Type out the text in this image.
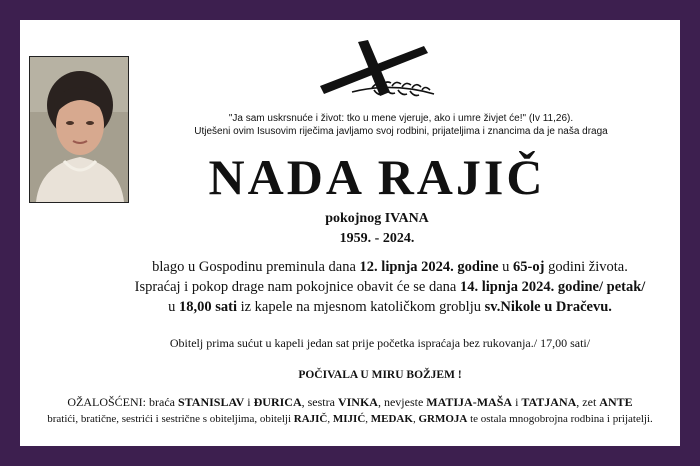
"Ja sam uskrsnuće i život: tko u mene vjeruje, ako i umre živjet će!" (Iv 11,26).
Utješeni ovim Isusovim riječima javljamo svoj rodbini, prijateljima i znancima da je naša draga
NADA RAJIČ
pokojnog IVANA
1959. - 2024.
blago u Gospodinu preminula dana 12. lipnja 2024. godine u 65-oj godini života.
Ispraćaj i pokop drage nam pokojnice obavit će se dana 14. lipnja 2024. godine/ petak/
u 18,00 sati iz kapele na mjesnom katoličkom groblju sv.Nikole u Dračevu.
Obitelj prima sućut u kapeli jedan sat prije početka ispraćaja bez rukovanja./ 17,00 sati/
POČIVALA U MIRU BOŽJEM !
OŽALOŠĆENI: braća STANISLAV i ĐURICA, sestra VINKA, nevjeste MATIJA-MAŠA i TATJANA, zet ANTE
bratići, bratične, sestrići i sestrične s obiteljima, obitelji RAJIČ, MIJIĆ, MEDAK, GRMOJA te ostala mnogobrojna rodbina i prijatelji.
